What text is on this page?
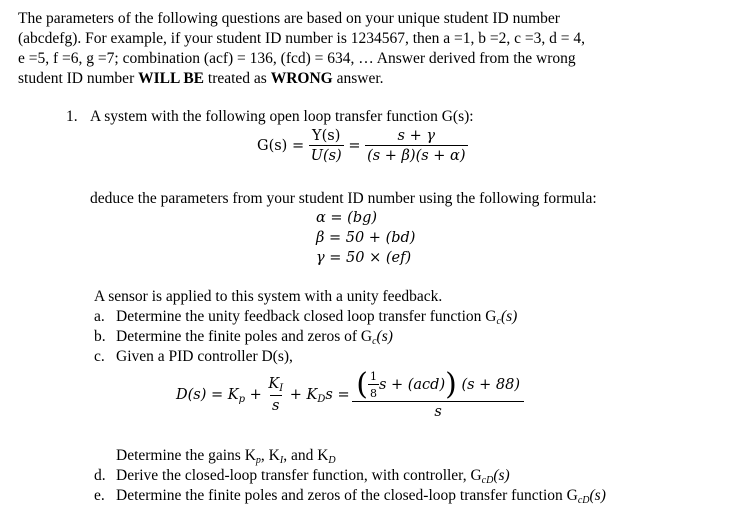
The parameters of the following questions are based on your unique student ID number
(abcdefg). For example, if your student ID number is 1234567, then a =1, b =2, c =3, d = 4,
e =5, f =6, g =7; combination (acf) = 136, (fcd) = 634, … Answer derived from the wrong
student ID number WILL BE treated as WRONG answer.
1. A system with the following open loop transfer function G(s):
$G(s) = \frac{Y(s)}{U(s)} = \frac{s + \gamma}{(s + \beta)(s + \alpha)}$
deduce the parameters from your student ID number using the following formula:
α = (bg)
β = 50 + (bd)
γ = 50 × (ef)
A sensor is applied to this system with a unity feedback.
a. Determine the unity feedback closed loop transfer function $G_c(s)$
b. Determine the finite poles and zeros of $G_c(s)$
c. Given a PID controller D(s),
$D(s) = K_p + \frac{K_I}{s} + K_Ds = \frac{( \frac{1}{8} s + (acd)) (s + 88)}{s}$
Determine the gains $K_p$, $K_I$, and $K_D$
d. Derive the closed-loop transfer function, with controller, $G_{cD}(s)$
e. Determine the finite poles and zeros of the closed-loop transfer function $G_{cD}(s)$
